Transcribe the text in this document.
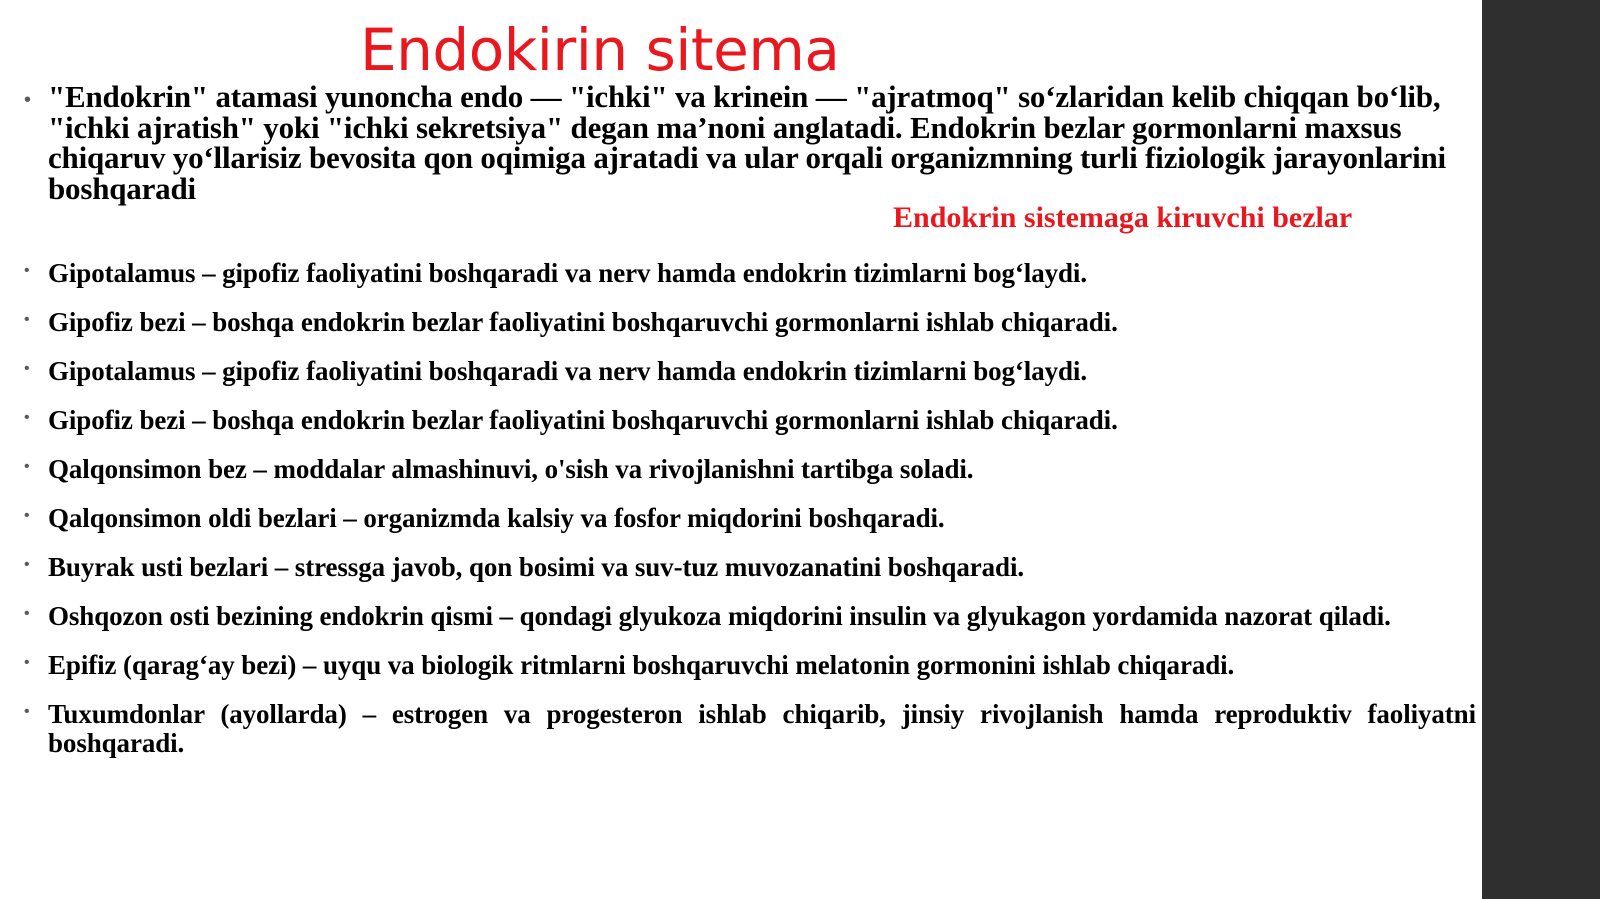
Endokirin sitema
• "Endokrin" atamasi yunoncha endo — "ichki" va krinein — "ajratmoq" so‘zlaridan kelib chiqqan bo‘lib, "ichki ajratish" yoki "ichki sekretsiya" degan ma’noni anglatadi. Endokrin bezlar gormonlarni maxsus chiqaruv yo‘llarisiz bevosita qon oqimiga ajratadi va ular orqali organizmning turli fiziologik jarayonlarini boshqaradi

Endokrin sistemaga kiruvchi bezlar
• Gipotalamus – gipofiz faoliyatini boshqaradi va nerv hamda endokrin tizimlarni bog‘laydi.
• Gipofiz bezi – boshqa endokrin bezlar faoliyatini boshqaruvchi gormonlarni ishlab chiqaradi.
• Gipotalamus – gipofiz faoliyatini boshqaradi va nerv hamda endokrin tizimlarni bog‘laydi.
• Gipofiz bezi – boshqa endokrin bezlar faoliyatini boshqaruvchi gormonlarni ishlab chiqaradi.
• Qalqonsimon bez – moddalar almashinuvi, o'sish va rivojlanishni tartibga soladi.
• Qalqonsimon oldi bezlari – organizmda kalsiy va fosfor miqdorini boshqaradi.
• Buyrak usti bezlari – stressga javob, qon bosimi va suv-tuz muvozanatini boshqaradi.
• Oshqozon osti bezining endokrin qismi – qondagi glyukoza miqdorini insulin va glyukagon yordamida nazorat qiladi.
• Epifiz (qarag‘ay bezi) – uyqu va biologik ritmlarni boshqaruvchi melatonin gormonini ishlab chiqaradi.
• Tuxumdonlar (ayollarda) – estrogen va progesteron ishlab chiqarib, jinsiy rivojlanish hamda reproduktiv faoliyatni boshqaradi.
